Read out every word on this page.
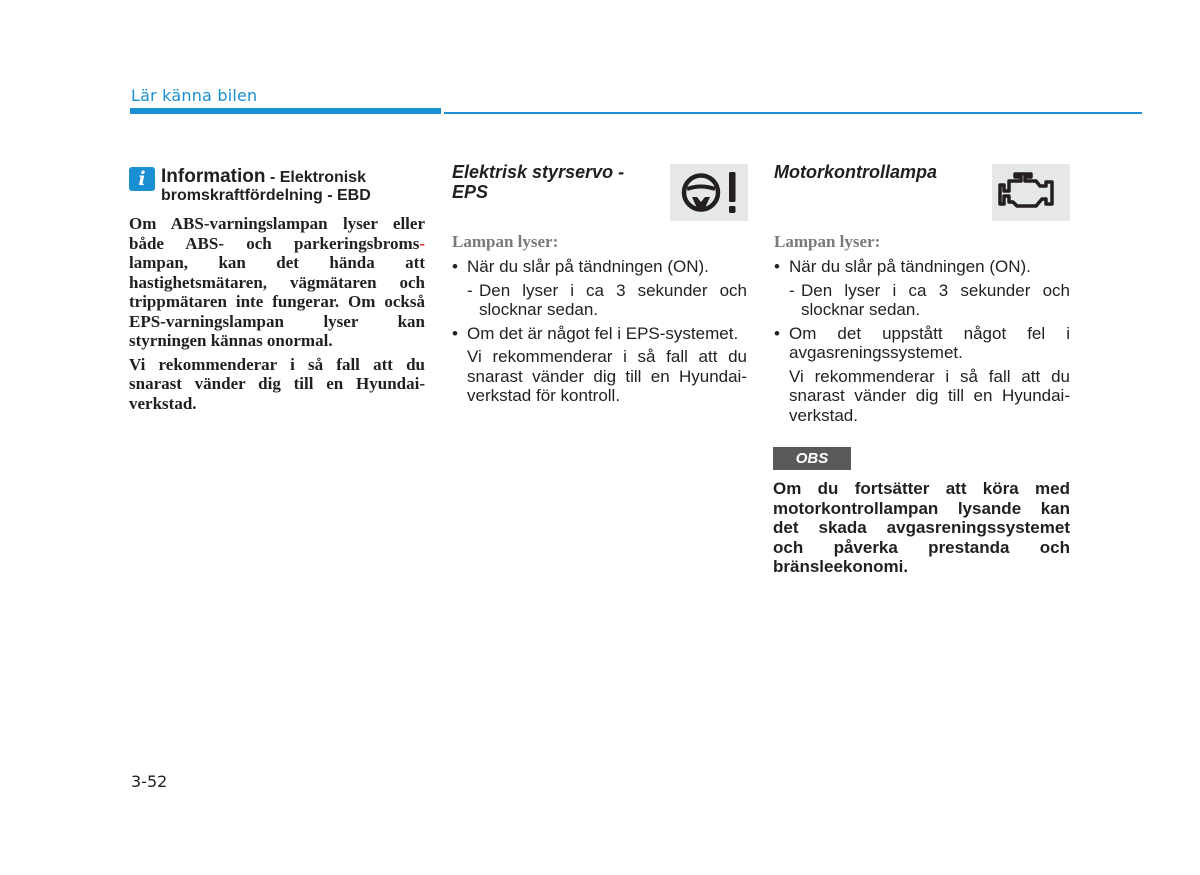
Lär känna bilen
i Information - Elektronisk
bromskraftfördelning - EBD

Om ABS-varningslampan lyser eller både ABS- och parkeringsbroms- lampan, kan det hända att hastighetsmätaren, vägmätaren och trippmätaren inte fungerar. Om också EPS-varningslampan lyser kan styrningen kännas onormal.

Vi rekommenderar i så fall att du snarast vänder dig till en Hyundai-verkstad.

Elektrisk styrservo - EPS
Lampan lyser:
• När du slår på tändningen (ON).
- Den lyser i ca 3 sekunder och slocknar sedan.
• Om det är något fel i EPS-systemet.
Vi rekommenderar i så fall att du snarast vänder dig till en Hyundai-verkstad för kontroll.
Motorkontrollampa
Lampan lyser:
• När du slår på tändningen (ON).
- Den lyser i ca 3 sekunder och slocknar sedan.
• Om det uppstått något fel i avgasreningssystemet.
Vi rekommenderar i så fall att du snarast vänder dig till en Hyundai-verkstad.
OBS
Om du fortsätter att köra med motorkontrollampan lysande kan det skada avgasreningssystemet och påverka prestanda och bränsleekonomi.
3-52
